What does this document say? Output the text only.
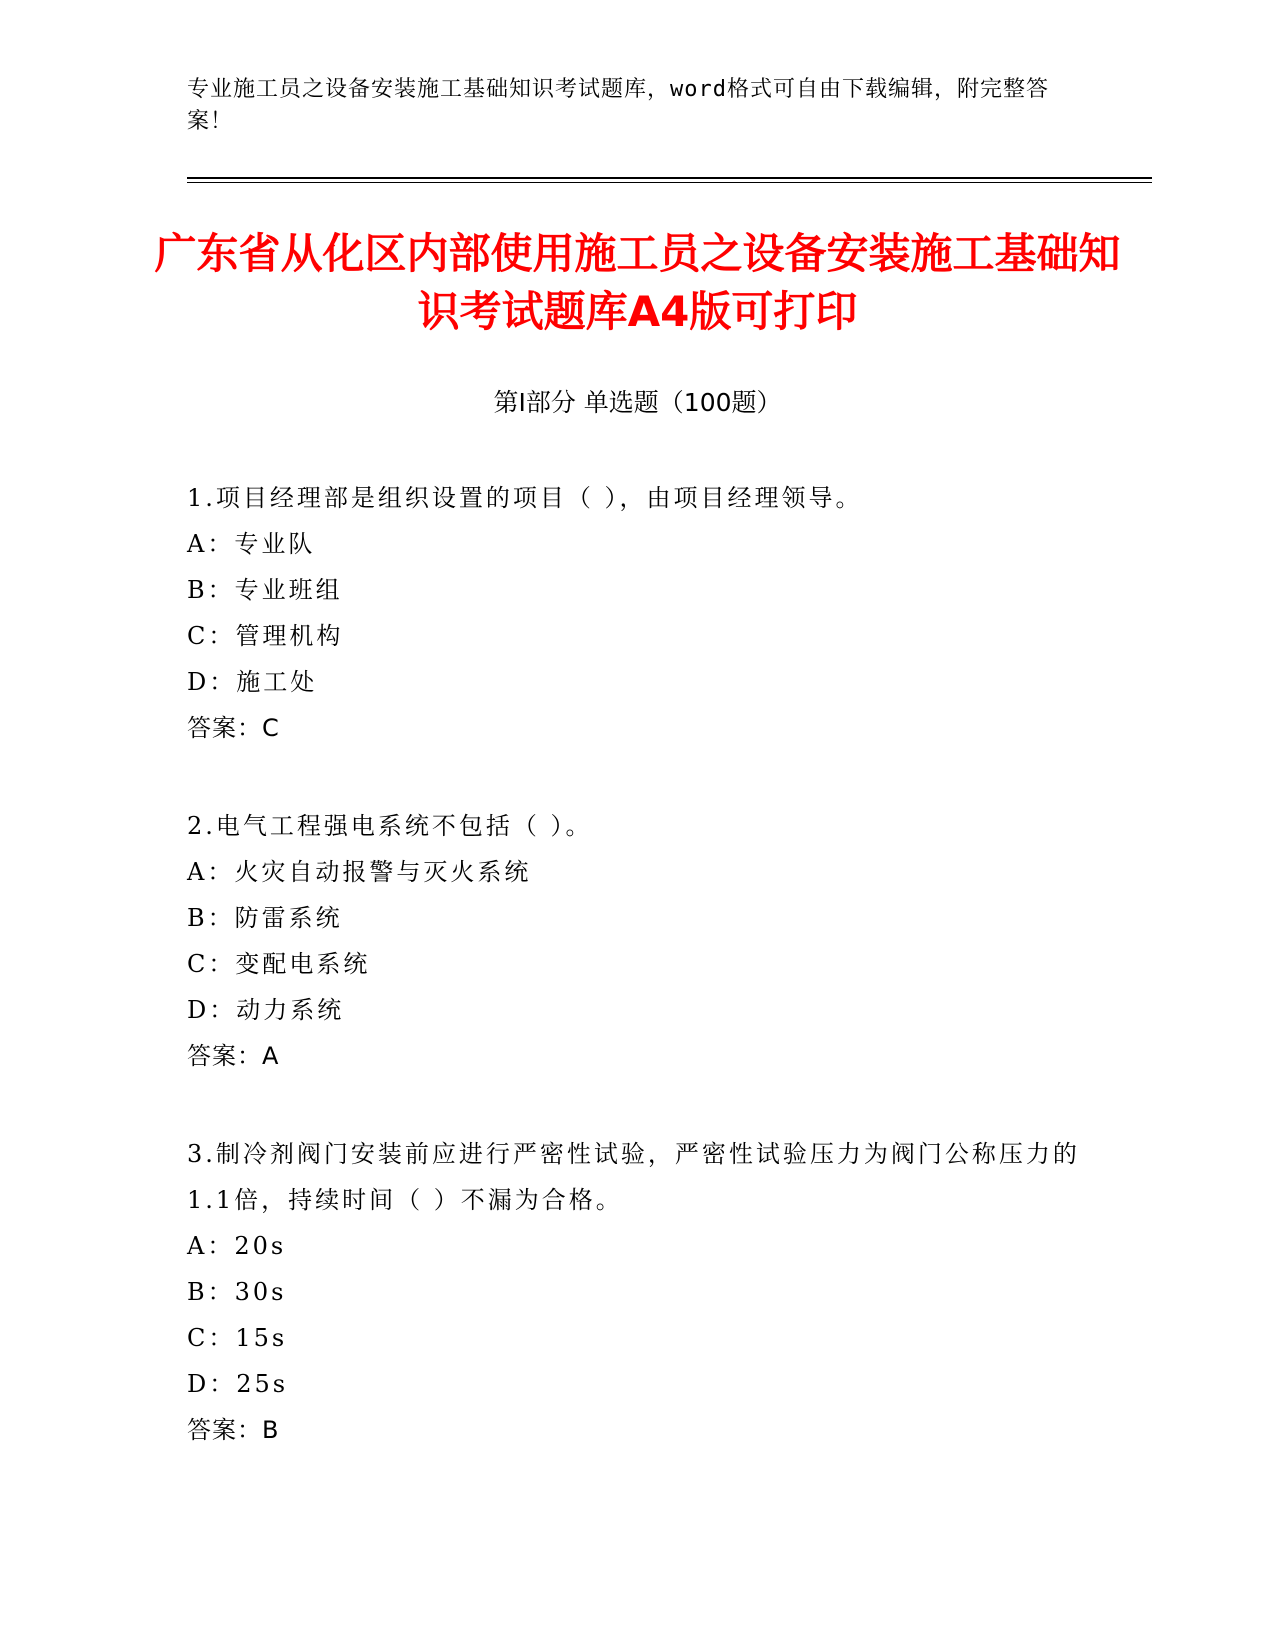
专业施工员之设备安装施工基础知识考试题库，word格式可自由下载编辑，附完整答案！
广东省从化区内部使用施工员之设备安装施工基础知识考试题库A4版可打印
第I部分 单选题（100题）
1.项目经理部是组织设置的项目（ ），由项目经理领导。
A：专业队
B：专业班组
C：管理机构
D：施工处
答案：C
2.电气工程强电系统不包括（ ）。
A：火灾自动报警与灭火系统
B：防雷系统
C：变配电系统
D：动力系统
答案：A
3.制冷剂阀门安装前应进行严密性试验，严密性试验压力为阀门公称压力的1.1倍，持续时间（ ）不漏为合格。
A：20s
B：30s
C：15s
D：25s
答案：B
